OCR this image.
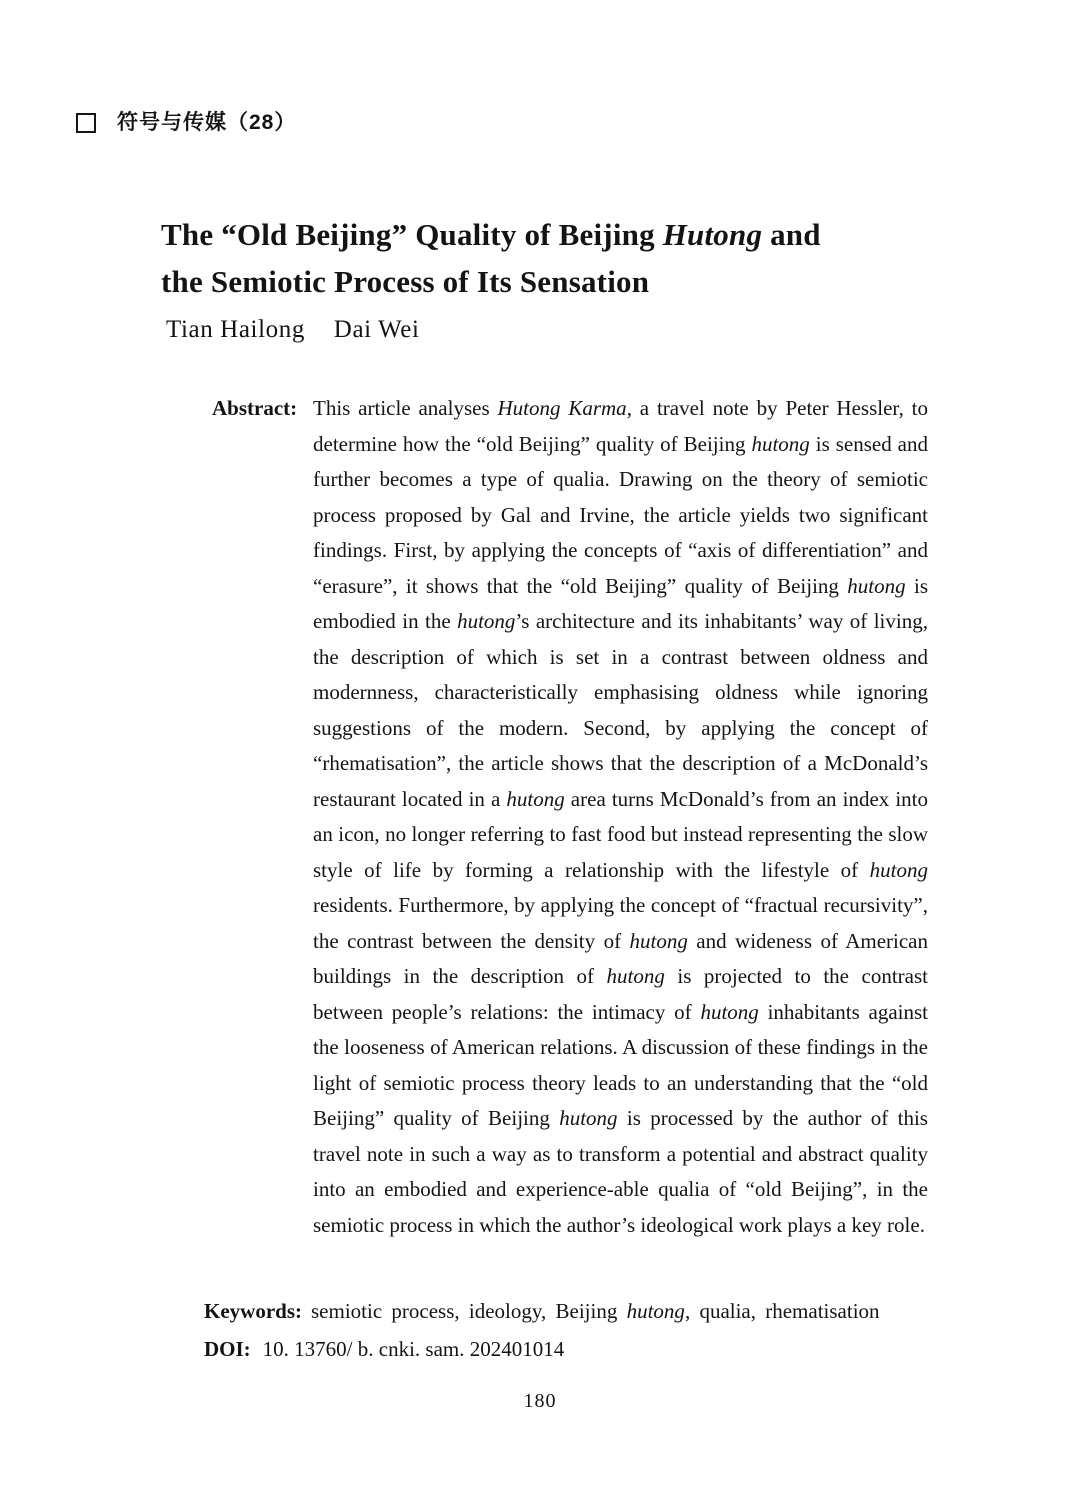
符号与传媒（28）
The “Old Beijing” Quality of Beijing Hutong and
the Semiotic Process of Its Sensation
Tian Hailong Dai Wei
Abstract: This article analyses Hutong Karma, a travel note by Peter Hessler, to determine how the “old Beijing” quality of Beijing hutong is sensed and further becomes a type of qualia. Drawing on the theory of semiotic process proposed by Gal and Irvine, the article yields two significant findings. First, by applying the concepts of “axis of differentiation” and “erasure”, it shows that the “old Beijing” quality of Beijing hutong is embodied in the hutong’s architecture and its inhabitants’ way of living, the description of which is set in a contrast between oldness and modernness, characteristically emphasising oldness while ignoring suggestions of the modern. Second, by applying the concept of “rhematisation”, the article shows that the description of a McDonald’s restaurant located in a hutong area turns McDonald’s from an index into an icon, no longer referring to fast food but instead representing the slow style of life by forming a relationship with the lifestyle of hutong residents. Furthermore, by applying the concept of “fractual recursivity”, the contrast between the density of hutong and wideness of American buildings in the description of hutong is projected to the contrast between people’s relations: the intimacy of hutong inhabitants against the looseness of American relations. A discussion of these findings in the light of semiotic process theory leads to an understanding that the “old Beijing” quality of Beijing hutong is processed by the author of this travel note in such a way as to transform a potential and abstract quality into an embodied and experience-able qualia of “old Beijing”, in the semiotic process in which the author’s ideological work plays a key role.
Keywords: semiotic process, ideology, Beijing hutong, qualia, rhematisation
DOI: 10. 13760/ b. cnki. sam. 202401014
180
